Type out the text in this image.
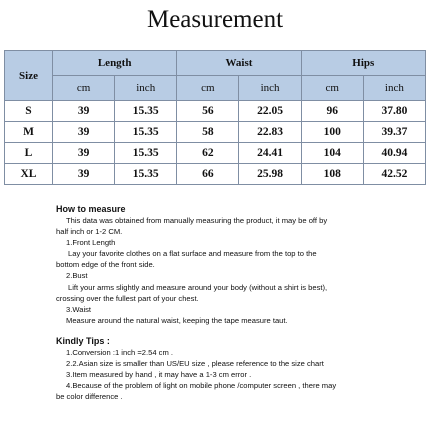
Measurement
Size	Length		Waist		Hips	
	cm	inch	cm	inch	cm	inch
S	39	15.35	56	22.05	96	37.80
M	39	15.35	58	22.83	100	39.37
L	39	15.35	62	24.41	104	40.94
XL	39	15.35	66	25.98	108	42.52

How to measure

This data was obtained from manually measuring the product, it may be off by

half inch or 1-2 CM.

1.Front Length

Lay your favorite clothes on a flat surface and measure from the top to the

bottom edge of the front side.

2.Bust

Lift your arms slightly and measure around your body (without a shirt is best),

crossing over the fullest part of your chest.

3.Waist

Measure around the natural waist, keeping the tape measure taut.

Kindly Tips :

1.Conversion :1 inch =2.54 cm .

2.2.Asian size is smaller than US/EU size , please reference to the size chart

3.Item measured by hand , it may have a 1-3 cm error .

4.Because of the problem of light on mobile phone /computer screen , there may

be color difference .
